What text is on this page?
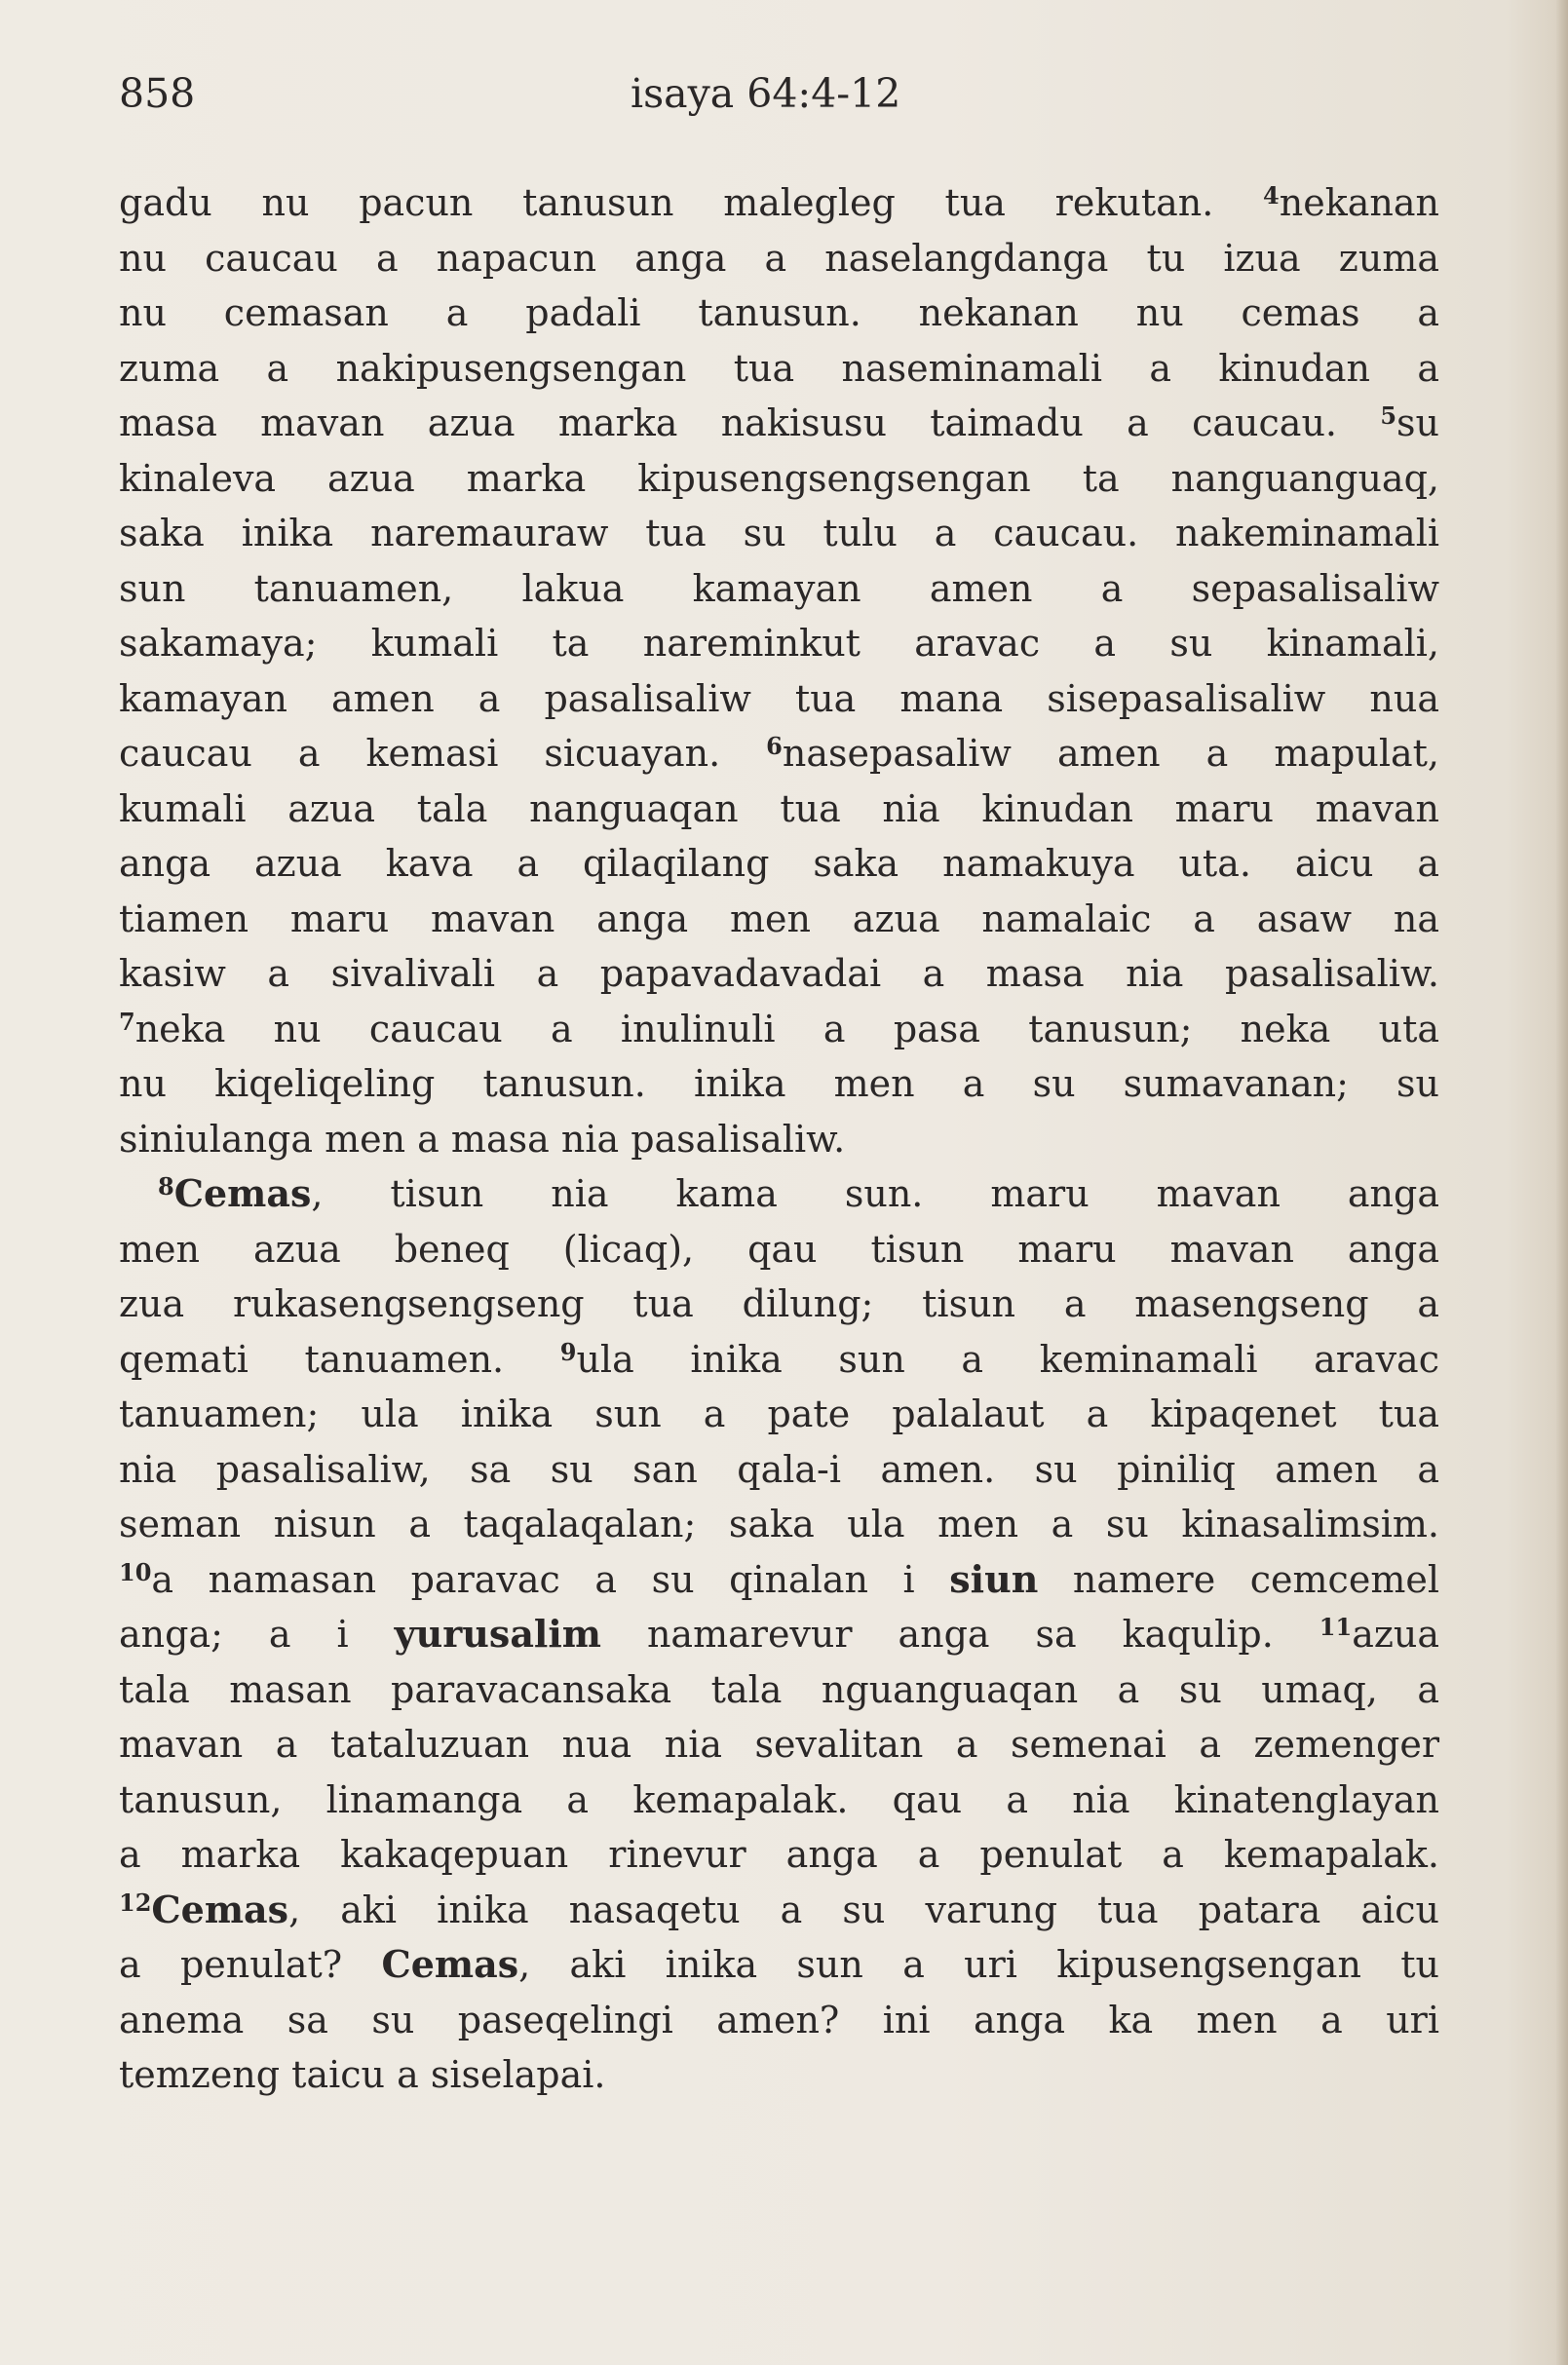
858	isaya 64:4-12
gadu nu pacun tanusun malegleg tua rekutan. $^4$nekanan
nu caucau a napacun anga a naselangdanga tu izua zuma
nu cemasan a padali tanusun. nekanan nu cemas a
zuma a nakipusengsengan tua naseminamali a kinudan a
masa mavan azua marka nakisusu taimadu a caucau. $^5$su
kinaleva azua marka kipusengsengsengan ta nanguanguaq,
saka inika naremauraw tua su tulu a caucau. nakeminamali
sun tanuamen, lakua kamayan amen a sepasalisaliw
sakamaya; kumali ta nareminkut aravac a su kinamali,
kamayan amen a pasalisaliw tua mana sisepasalisaliw nua
caucau a kemasi sicuayan. $^6$nasepasaliw amen a mapulat,
kumali azua tala nanguaqan tua nia kinudan maru mavan
anga azua kava a qilaqilang saka namakuya uta. aicu a
tiamen maru mavan anga men azua namalaic a asaw na
kasiw a sivalivali a papavadavadai a masa nia pasalisaliw.
$^7$neka nu caucau a inulinuli a pasa tanusun; neka uta
nu kiqeliqeling tanusun. inika men a su sumavanan; su
siniulanga men a masa nia pasalisaliw.
$^8$Cemas, tisun nia kama sun. maru mavan anga
men azua beneq (licaq), qau tisun maru mavan anga
zua rukasengsengseng tua dilung; tisun a masengseng a
qemati tanuamen. $^9$ula inika sun a keminamali aravac
tanuamen; ula inika sun a pate palalaut a kipaqenet tua
nia pasalisaliw, sa su san qala-i amen. su piniliq amen a
seman nisun a taqalaqalan; saka ula men a su kinasalimsim.
$^{10}$a namasan paravac a su qinalan i siun namere cemcemel
anga; a i yurusalim namarevur anga sa kaqulip. $^{11}$azua
tala masan paravacansaka tala nguanguaqan a su umaq, a
mavan a tataluzuan nua nia sevalitan a semenai a zemenger
tanusun, linamanga a kemapalak. qau a nia kinatenglayan
a marka kakaqepuan rinevur anga a penulat a kemapalak.
$^{12}$Cemas, aki inika nasaqetu a su varung tua patara aicu
a penulat? Cemas, aki inika sun a uri kipusengsengan tu
anema sa su paseqelingi amen? ini anga ka men a uri
temzeng taicu a siselapai.
